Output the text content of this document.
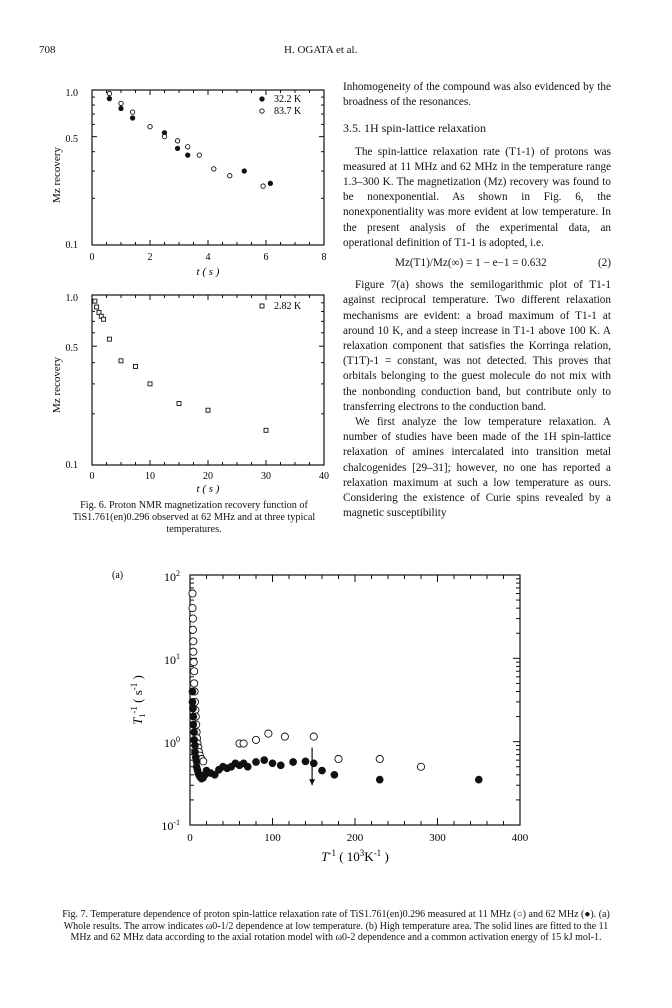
708	H. OGATA et al.
32.2 K
83.7 K
1.0
0.5
0.1
0	2	4	6	8
t ( s )
Mz recovery
2.82 K
1.0
0.5
0.1
0	10	20	30	40
t ( s )
Mz recovery
Fig. 6. Proton NMR magnetization recovery function of TiS1.761(en)0.296 observed at 62 MHz and at three typical temperatures.

Inhomogeneity of the compound was also evidenced by the broadness of the resonances.

3.5. 1H spin-lattice relaxation

The spin-lattice relaxation rate (T1-1) of protons was measured at 11 MHz and 62 MHz in the temperature range 1.3–300 K. The magnetization (Mz) recovery was found to be nonexponential. As shown in Fig. 6, the nonexponentiality was more evident at low temperature. In the present analysis of the experimental data, an operational definition of T1-1 is adopted, i.e.

Mz(T1)/Mz(∞) = 1 − e−1 = 0.632	(2)

Figure 7(a) shows the semilogarithmic plot of T1-1 against reciprocal temperature. Two different relaxation mechanisms are evident: a broad maximum of T1-1 at around 10 K, and a steep increase in T1-1 above 100 K. A relaxation component that satisfies the Korringa relation, (T1T)-1 = constant, was not detected. This proves that orbitals belonging to the guest molecule do not mix with the nonbonding conduction band, but contribute only to transferring electrons to the conduction band.

We first analyze the low temperature relaxation. A number of studies have been made of the 1H spin-lattice relaxation of amines intercalated into transition metal chalcogenides [29–31]; however, no one has reported a relaxation maximum at such a low temperature as ours. Considering the existence of Curie spins revealed by a magnetic susceptibility

(a)	$10^2$
$10^1$
$10^0$
$10^{-1}$
0	100	200	300	400
$T^{-1}$ ( $10^3K^{-1}$ )
$T_1^{-1}$ ( $s^{-1}$ )
Fig. 7. Temperature dependence of proton spin-lattice relaxation rate of TiS1.761(en)0.296 measured at 11 MHz (○) and 62 MHz (●). (a) Whole results. The arrow indicates ω0-1/2 dependence at low temperature. (b) High temperature area. The solid lines are fitted to the 11 MHz and 62 MHz data according to the axial rotation model with ω0-2 dependence and a common activation energy of 15 kJ mol-1.
